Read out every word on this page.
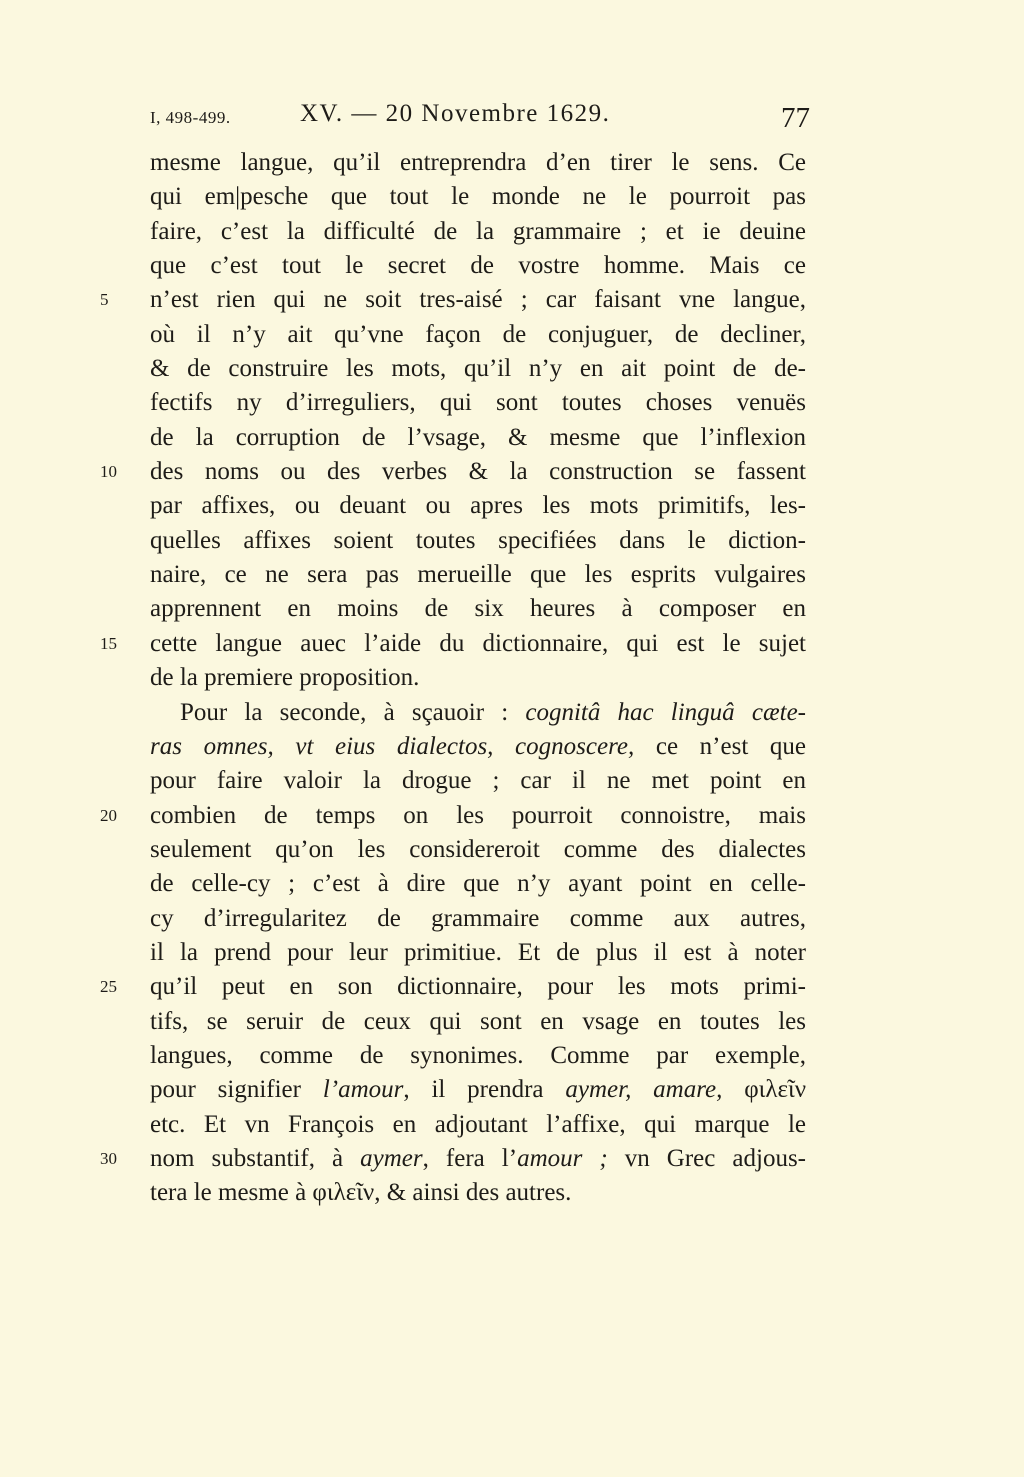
I, 498-499.	XV. — 20 Novembre 1629.	77
mesme langue, qu’il entreprendra d’en tirer le sens. Ce
qui em|pesche que tout le monde ne le pourroit pas
faire, c’est la difficulté de la grammaire ; et ie deuine
que c’est tout le secret de vostre homme. Mais ce
5	n’est rien qui ne soit tres-aisé ; car faisant vne langue,
où il n’y ait qu’vne façon de conjuguer, de decliner,
& de construire les mots, qu’il n’y en ait point de de-
fectifs ny d’irreguliers, qui sont toutes choses venuës
de la corruption de l’vsage, & mesme que l’inflexion
10	des noms ou des verbes & la construction se fassent
par affixes, ou deuant ou apres les mots primitifs, les-
quelles affixes soient toutes specifiées dans le diction-
naire, ce ne sera pas merueille que les esprits vulgaires
apprennent en moins de six heures à composer en
15	cette langue auec l’aide du dictionnaire, qui est le sujet
de la premiere proposition.
Pour la seconde, à sçauoir : cognitâ hac linguâ cæte-
ras omnes, vt eius dialectos, cognoscere, ce n’est que
pour faire valoir la drogue ; car il ne met point en
20	combien de temps on les pourroit connoistre, mais
seulement qu’on les considereroit comme des dialectes
de celle-cy ; c’est à dire que n’y ayant point en celle-
cy d’irregularitez de grammaire comme aux autres,
il la prend pour leur primitiue. Et de plus il est à noter
25	qu’il peut en son dictionnaire, pour les mots primi-
tifs, se seruir de ceux qui sont en vsage en toutes les
langues, comme de synonimes. Comme par exemple,
pour signifier l’amour, il prendra aymer, amare, φιλεῖν
etc. Et vn François en adjoutant l’affixe, qui marque le
30	nom substantif, à aymer, fera l’amour ; vn Grec adjous-
tera le mesme à φιλεῖν, & ainsi des autres.
